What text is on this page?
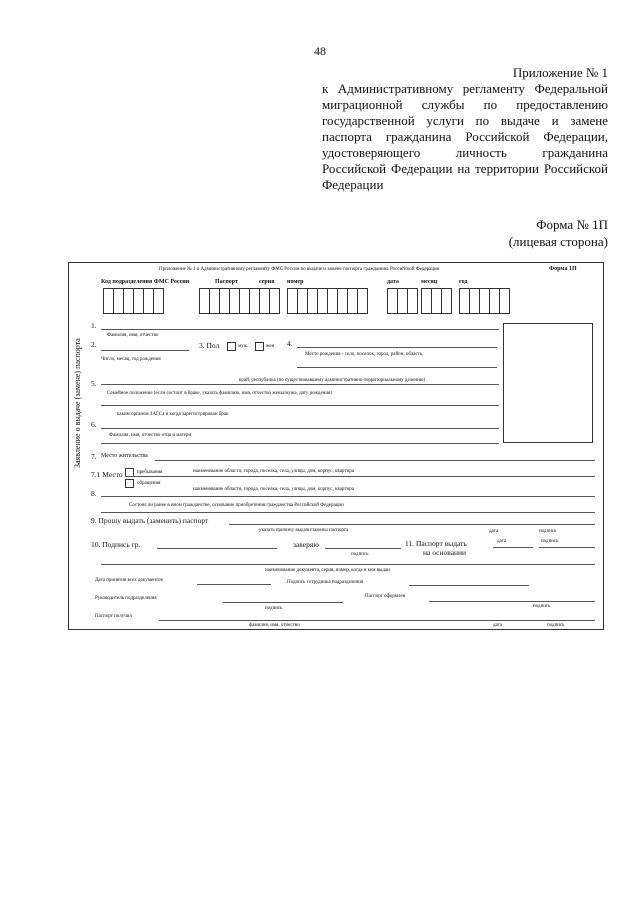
48
Приложение № 1
к Административному регламенту Федеральной миграционной службы по предоставлению государственной услуги по выдаче и замене паспорта гражданина Российской Федерации, удостоверяющего личность гражданина Российской Федерации на территории Российской Федерации
Форма № 1П
(лицевая сторона)
Заявление о выдаче (замене) паспорта
Приложение № 1 к Административному регламенту ФМС России по выдаче и замене паспорта гражданина Российской Федерации	Форма 1П
Код подразделения ФМС России	Паспорт	серия номер	дата	месяц	год
1.
Фамилия, имя, отчество
2.	3. Пол	муж.	жен 4.
Число, месяц, год рождения
Место рождения - село, поселок, город, район, область,
5.	край, республика (по существовавшему административно-территориальному делению)
Семейное положение (если состоит в браке, указать фамилию, имя, отчество жены/мужа, дату рождения)
каким органом ЗАГСа и когда зарегистрирован брак
6.
Фамилия, имя, отчество отца и матери
7. Место жительства
7.1 Место	пребывания	наименование области, города, поселка, села, улицы, дом, корпус, квартира
обращения
8.	наименование области, города, поселка, села, улицы, дом, корпус, квартира
Состоял ли ранее в ином гражданстве, основание приобретения гражданства Российской Федерации
9. Прошу выдать (заменить) паспорт
указать причину выдачи/замены паспорта	дата	подпись
10. Подпись гр.	заверяю
подпись
11. Паспорт выдать
на основании
дата	подпись
наименование документа, серия, номер, когда и кем выдан
Дата принятия всех документов	Подпись сотрудника подразделения
Руководитель подразделения
подпись
Паспорт оформлен
подпись
Паспорт получил
фамилия, имя, отчество	дата	подпись
